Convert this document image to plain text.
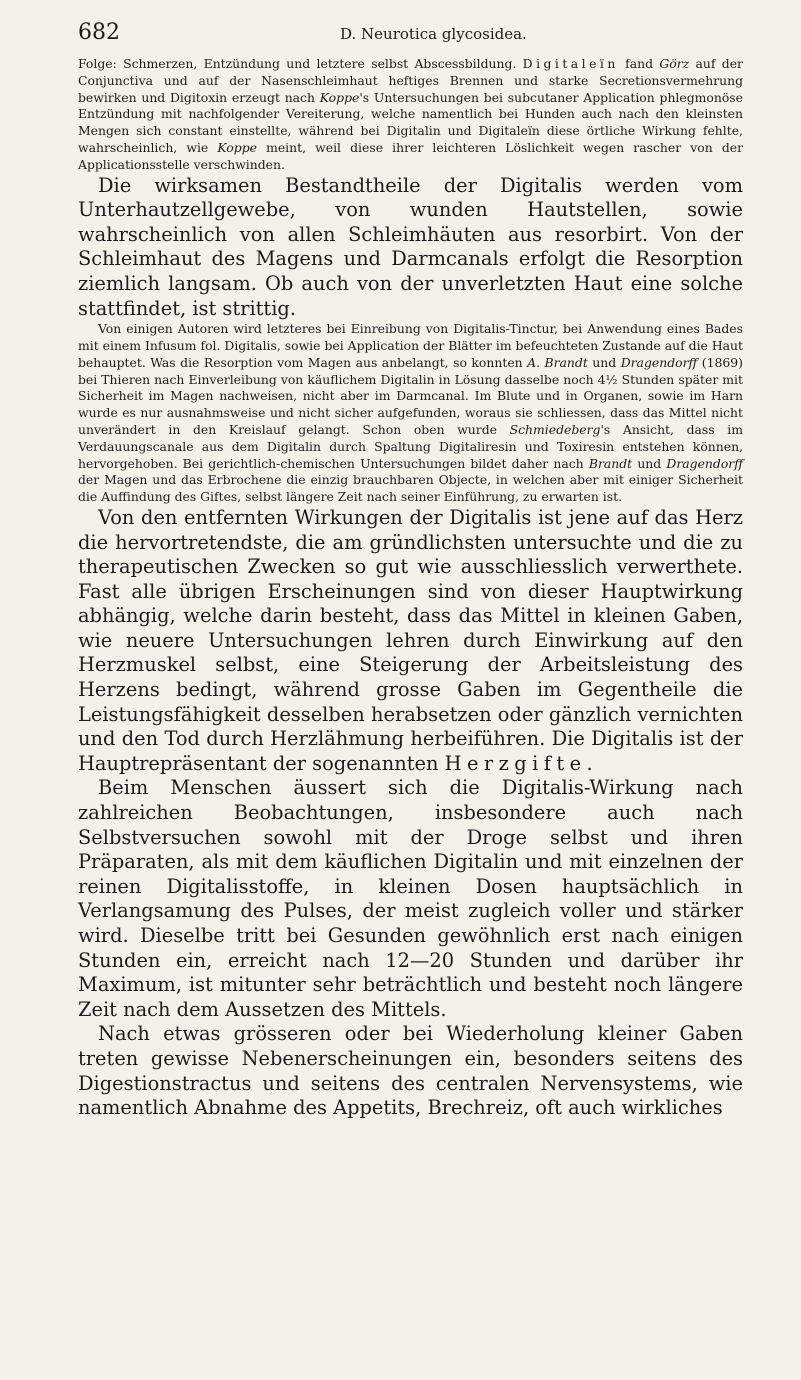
682	D. Neurotica glycosidea.

Folge: Schmerzen, Entzündung und letztere selbst Abscessbildung. Digitaleïn fand Görz auf der Conjunctiva und auf der Nasenschleimhaut heftiges Brennen und starke Secretionsvermehrung bewirken und Digitoxin erzeugt nach Koppe's Untersuchungen bei subcutaner Application phlegmonöse Entzündung mit nachfolgender Vereiterung, welche namentlich bei Hunden auch nach den kleinsten Mengen sich constant einstellte, während bei Digitalin und Digitaleïn diese örtliche Wirkung fehlte, wahrscheinlich, wie Koppe meint, weil diese ihrer leichteren Löslichkeit wegen rascher von der Applicationsstelle verschwinden.

Die wirksamen Bestandtheile der Digitalis werden vom Unterhautzellgewebe, von wunden Hautstellen, sowie wahrscheinlich von allen Schleimhäuten aus resorbirt. Von der Schleimhaut des Magens und Darmcanals erfolgt die Resorption ziemlich langsam. Ob auch von der unverletzten Haut eine solche stattfindet, ist strittig.

Von einigen Autoren wird letzteres bei Einreibung von Digitalis-Tinctur, bei Anwendung eines Bades mit einem Infusum fol. Digitalis, sowie bei Application der Blätter im befeuchteten Zustande auf die Haut behauptet. Was die Resorption vom Magen aus anbelangt, so konnten A. Brandt und Dragendorff (1869) bei Thieren nach Einverleibung von käuflichem Digitalin in Lösung dasselbe noch 4½ Stunden später mit Sicherheit im Magen nachweisen, nicht aber im Darmcanal. Im Blute und in Organen, sowie im Harn wurde es nur ausnahmsweise und nicht sicher aufgefunden, woraus sie schliessen, dass das Mittel nicht unverändert in den Kreislauf gelangt. Schon oben wurde Schmiedeberg's Ansicht, dass im Verdauungscanale aus dem Digitalin durch Spaltung Digitaliresin und Toxiresin entstehen können, hervorgehoben. Bei gerichtlich-chemischen Untersuchungen bildet daher nach Brandt und Dragendorff der Magen und das Erbrochene die einzig brauchbaren Objecte, in welchen aber mit einiger Sicherheit die Auffindung des Giftes, selbst längere Zeit nach seiner Einführung, zu erwarten ist.

Von den entfernten Wirkungen der Digitalis ist jene auf das Herz die hervortretendste, die am gründlichsten untersuchte und die zu therapeutischen Zwecken so gut wie ausschliesslich verwerthete. Fast alle übrigen Erscheinungen sind von dieser Hauptwirkung abhängig, welche darin besteht, dass das Mittel in kleinen Gaben, wie neuere Untersuchungen lehren durch Einwirkung auf den Herzmuskel selbst, eine Steigerung der Arbeitsleistung des Herzens bedingt, während grosse Gaben im Gegentheile die Leistungsfähigkeit desselben herabsetzen oder gänzlich vernichten und den Tod durch Herzlähmung herbeiführen. Die Digitalis ist der Hauptrepräsentant der sogenannten Herzgifte.

Beim Menschen äussert sich die Digitalis-Wirkung nach zahlreichen Beobachtungen, insbesondere auch nach Selbstversuchen sowohl mit der Droge selbst und ihren Präparaten, als mit dem käuflichen Digitalin und mit einzelnen der reinen Digitalisstoffe, in kleinen Dosen hauptsächlich in Verlangsamung des Pulses, der meist zugleich voller und stärker wird. Dieselbe tritt bei Gesunden gewöhnlich erst nach einigen Stunden ein, erreicht nach 12—20 Stunden und darüber ihr Maximum, ist mitunter sehr beträchtlich und besteht noch längere Zeit nach dem Aussetzen des Mittels.

Nach etwas grösseren oder bei Wiederholung kleiner Gaben treten gewisse Nebenerscheinungen ein, besonders seitens des Digestionstractus und seitens des centralen Nervensystems, wie namentlich Abnahme des Appetits, Brechreiz, oft auch wirkliches
